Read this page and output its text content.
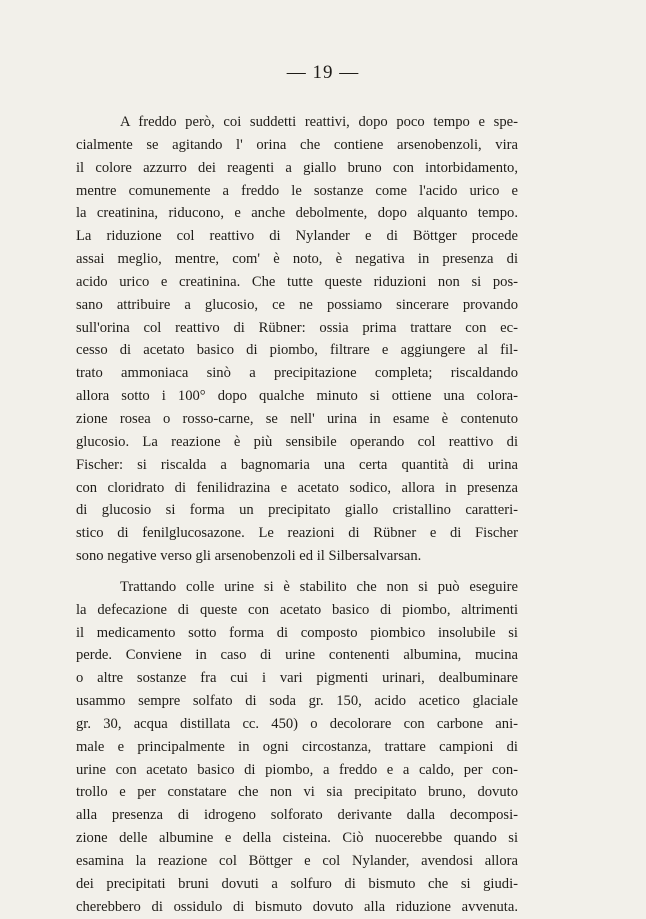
— 19 —
A freddo però, coi suddetti reattivi, dopo poco tempo e spe-
cialmente se agitando l' orina che contiene arsenobenzoli, vira
il colore azzurro dei reagenti a giallo bruno con intorbidamento,
mentre comunemente a freddo le sostanze come l'acido urico e
la creatinina, riducono, e anche debolmente, dopo alquanto tempo.
La riduzione col reattivo di Nylander e di Böttger procede
assai meglio, mentre, com' è noto, è negativa in presenza di
acido urico e creatinina. Che tutte queste riduzioni non si pos-
sano attribuire a glucosio, ce ne possiamo sincerare provando
sull'orina col reattivo di Rübner: ossia prima trattare con ec-
cesso di acetato basico di piombo, filtrare e aggiungere al fil-
trato ammoniaca sinò a precipitazione completa; riscaldando
allora sotto i 100° dopo qualche minuto si ottiene una colora-
zione rosea o rosso-carne, se nell' urina in esame è contenuto
glucosio. La reazione è più sensibile operando col reattivo di
Fischer: si riscalda a bagnomaria una certa quantità di urina
con cloridrato di fenilidrazina e acetato sodico, allora in presenza
di glucosio si forma un precipitato giallo cristallino caratteri-
stico di fenilglucosazone. Le reazioni di Rübner e di Fischer
sono negative verso gli arsenobenzoli ed il Silbersalvarsan.
Trattando colle urine si è stabilito che non si può eseguire
la defecazione di queste con acetato basico di piombo, altrimenti
il medicamento sotto forma di composto piombico insolubile si
perde. Conviene in caso di urine contenenti albumina, mucina
o altre sostanze fra cui i vari pigmenti urinari, dealbuminare
usammo sempre solfato di soda gr. 150, acido acetico glaciale
gr. 30, acqua distillata cc. 450) o decolorare con carbone ani-
male e principalmente in ogni circostanza, trattare campioni di
urine con acetato basico di piombo, a freddo e a caldo, per con-
trollo e per constatare che non vi sia precipitato bruno, dovuto
alla presenza di idrogeno solforato derivante dalla decomposi-
zione delle albumine e della cisteina. Ciò nuocerebbe quando si
esamina la reazione col Böttger e col Nylander, avendosi allora
dei precipitati bruni dovuti a solfuro di bismuto che si giudi-
cherebbero di ossidulo di bismuto dovuto alla riduzione avvenuta.
